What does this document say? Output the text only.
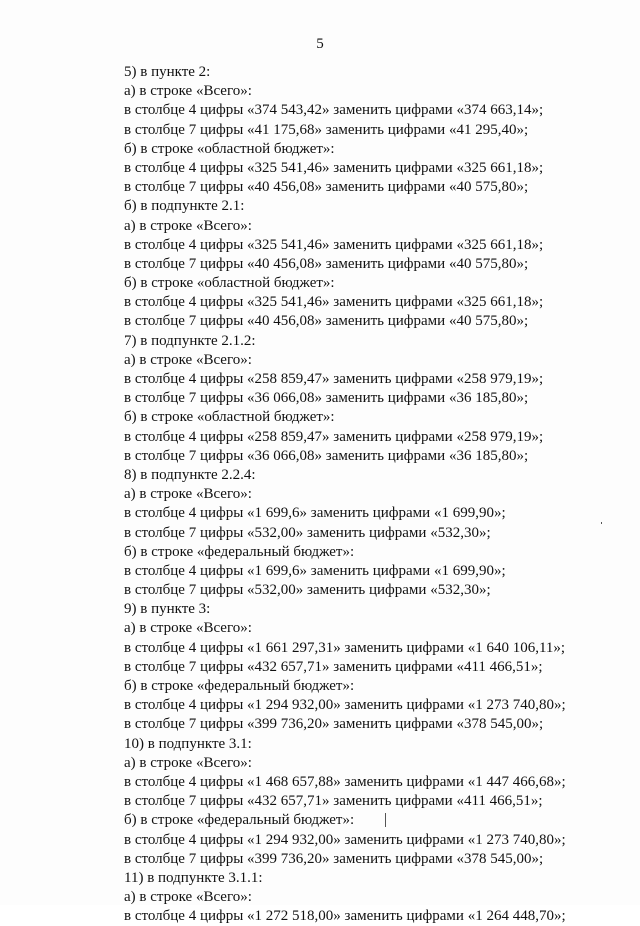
5
5) в пункте 2:
а) в строке «Всего»:
в столбце 4 цифры «374 543,42» заменить цифрами «374 663,14»;
в столбце 7 цифры «41 175,68» заменить цифрами «41 295,40»;
б) в строке «областной бюджет»:
в столбце 4 цифры «325 541,46» заменить цифрами «325 661,18»;
в столбце 7 цифры «40 456,08» заменить цифрами «40 575,80»;
б) в подпункте 2.1:
а) в строке «Всего»:
в столбце 4 цифры «325 541,46» заменить цифрами «325 661,18»;
в столбце 7 цифры «40 456,08» заменить цифрами «40 575,80»;
б) в строке «областной бюджет»:
в столбце 4 цифры «325 541,46» заменить цифрами «325 661,18»;
в столбце 7 цифры «40 456,08» заменить цифрами «40 575,80»;
7) в подпункте 2.1.2:
а) в строке «Всего»:
в столбце 4 цифры «258 859,47» заменить цифрами «258 979,19»;
в столбце 7 цифры «36 066,08» заменить цифрами «36 185,80»;
б) в строке «областной бюджет»:
в столбце 4 цифры «258 859,47» заменить цифрами «258 979,19»;
в столбце 7 цифры «36 066,08» заменить цифрами «36 185,80»;
8) в подпункте 2.2.4:
а) в строке «Всего»:
в столбце 4 цифры «1 699,6» заменить цифрами «1 699,90»;
в столбце 7 цифры «532,00» заменить цифрами «532,30»;
б) в строке «федеральный бюджет»:
в столбце 4 цифры «1 699,6» заменить цифрами «1 699,90»;
в столбце 7 цифры «532,00» заменить цифрами «532,30»;
9) в пункте 3:
а) в строке «Всего»:
в столбце 4 цифры «1 661 297,31» заменить цифрами «1 640 106,11»;
в столбце 7 цифры «432 657,71» заменить цифрами «411 466,51»;
б) в строке «федеральный бюджет»:
в столбце 4 цифры «1 294 932,00» заменить цифрами «1 273 740,80»;
в столбце 7 цифры «399 736,20» заменить цифрами «378 545,00»;
10) в подпункте 3.1:
а) в строке «Всего»:
в столбце 4 цифры «1 468 657,88» заменить цифрами «1 447 466,68»;
в столбце 7 цифры «432 657,71» заменить цифрами «411 466,51»;
б) в строке «федеральный бюджет»:
в столбце 4 цифры «1 294 932,00» заменить цифрами «1 273 740,80»;
в столбце 7 цифры «399 736,20» заменить цифрами «378 545,00»;
11) в подпункте 3.1.1:
а) в строке «Всего»:
в столбце 4 цифры «1 272 518,00» заменить цифрами «1 264 448,70»;
